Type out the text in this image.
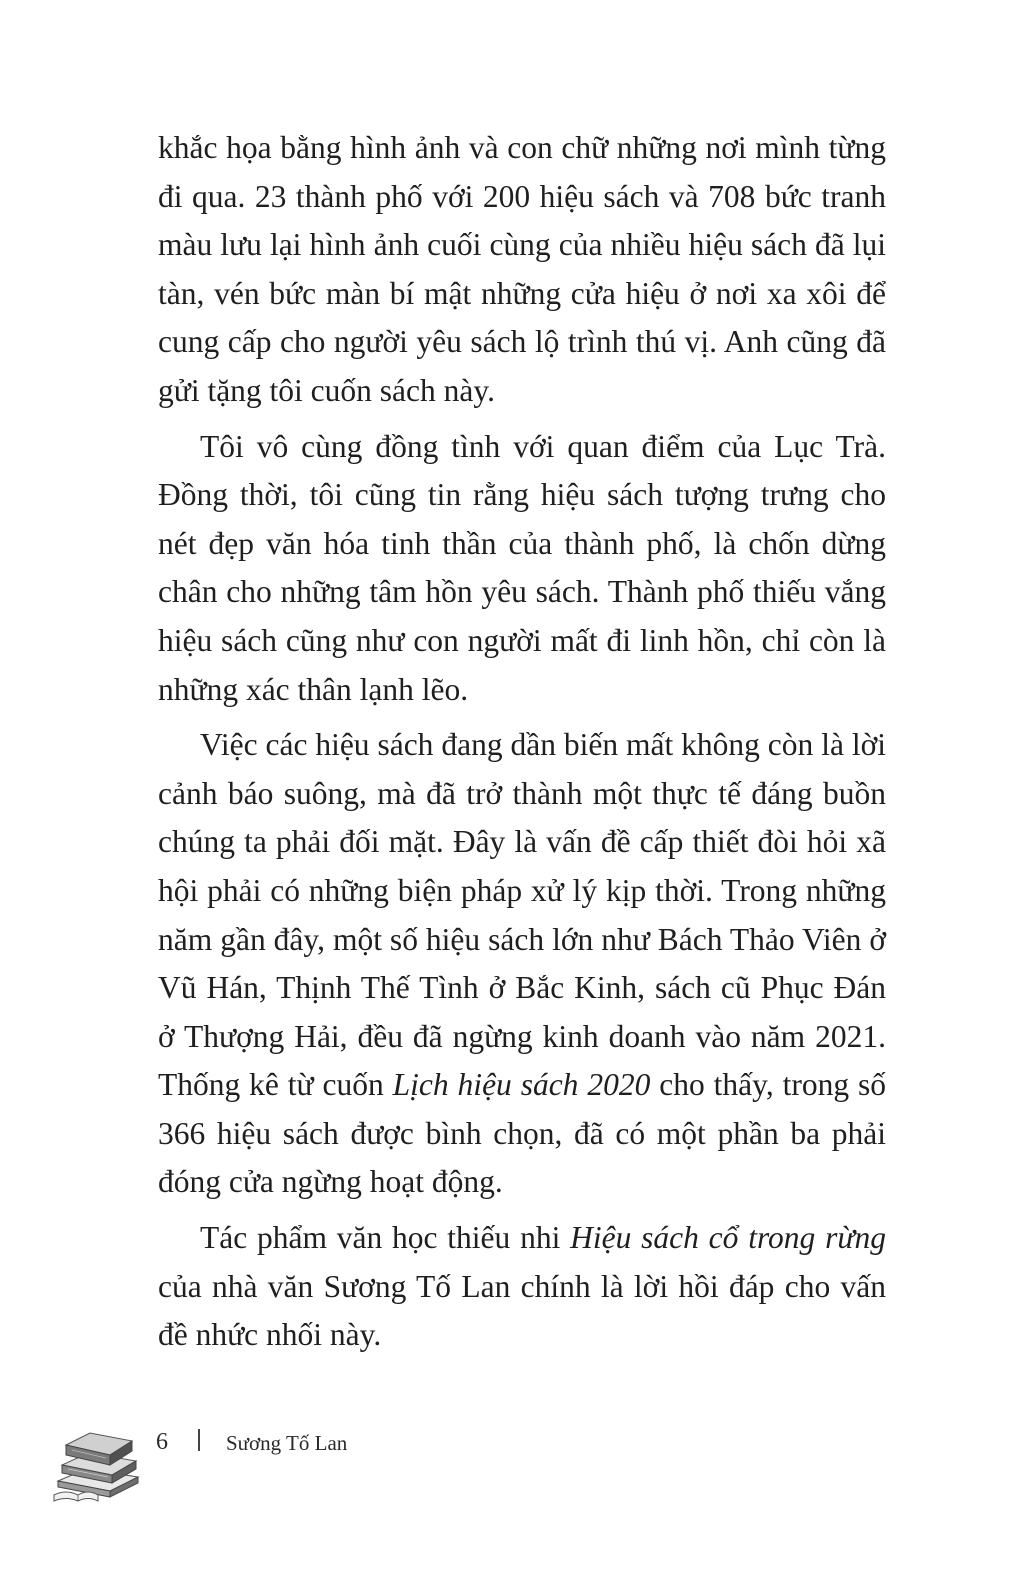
khắc họa bằng hình ảnh và con chữ những nơi mình từng đi qua. 23 thành phố với 200 hiệu sách và 708 bức tranh màu lưu lại hình ảnh cuối cùng của nhiều hiệu sách đã lụi tàn, vén bức màn bí mật những cửa hiệu ở nơi xa xôi để cung cấp cho người yêu sách lộ trình thú vị. Anh cũng đã gửi tặng tôi cuốn sách này.

Tôi vô cùng đồng tình với quan điểm của Lục Trà. Đồng thời, tôi cũng tin rằng hiệu sách tượng trưng cho nét đẹp văn hóa tinh thần của thành phố, là chốn dừng chân cho những tâm hồn yêu sách. Thành phố thiếu vắng hiệu sách cũng như con người mất đi linh hồn, chỉ còn là những xác thân lạnh lẽo.

Việc các hiệu sách đang dần biến mất không còn là lời cảnh báo suông, mà đã trở thành một thực tế đáng buồn chúng ta phải đối mặt. Đây là vấn đề cấp thiết đòi hỏi xã hội phải có những biện pháp xử lý kịp thời. Trong những năm gần đây, một số hiệu sách lớn như Bách Thảo Viên ở Vũ Hán, Thịnh Thế Tình ở Bắc Kinh, sách cũ Phục Đán ở Thượng Hải, đều đã ngừng kinh doanh vào năm 2021. Thống kê từ cuốn Lịch hiệu sách 2020 cho thấy, trong số 366 hiệu sách được bình chọn, đã có một phần ba phải đóng cửa ngừng hoạt động.

Tác phẩm văn học thiếu nhi Hiệu sách cổ trong rừng của nhà văn Sương Tố Lan chính là lời hồi đáp cho vấn đề nhức nhối này.

6	Sương Tố Lan
